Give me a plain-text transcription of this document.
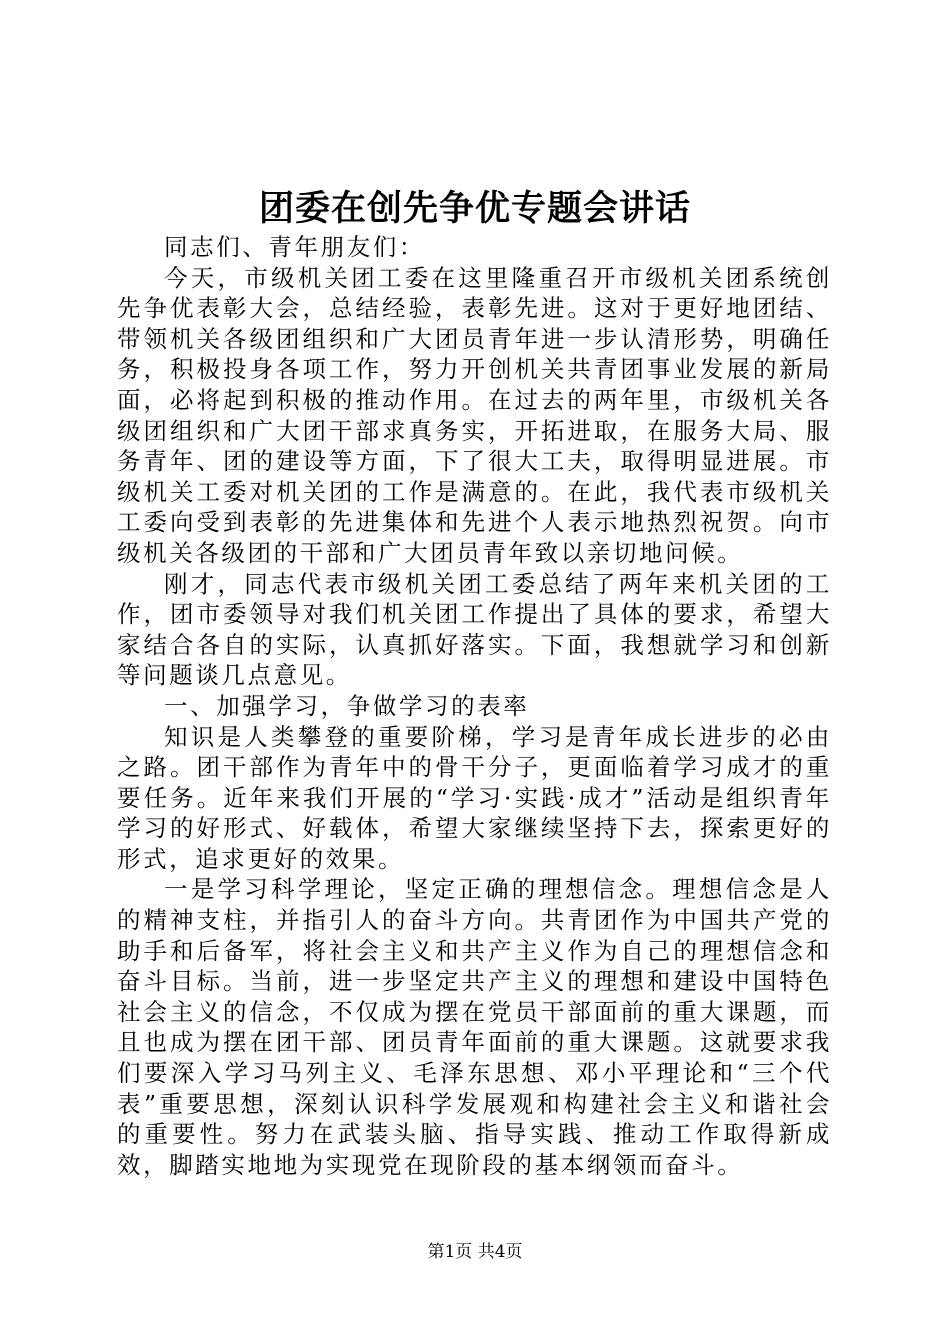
团委在创先争优专题会讲话

同志们、青年朋友们：

今天，市级机关团工委在这里隆重召开市级机关团系统创先争优表彰大会，总结经验，表彰先进。这对于更好地团结、带领机关各级团组织和广大团员青年进一步认清形势，明确任务，积极投身各项工作，努力开创机关共青团事业发展的新局面，必将起到积极的推动作用。在过去的两年里，市级机关各级团组织和广大团干部求真务实，开拓进取，在服务大局、服务青年、团的建设等方面，下了很大工夫，取得明显进展。市级机关工委对机关团的工作是满意的。在此，我代表市级机关工委向受到表彰的先进集体和先进个人表示地热烈祝贺。向市级机关各级团的干部和广大团员青年致以亲切地问候。

刚才，同志代表市级机关团工委总结了两年来机关团的工作，团市委领导对我们机关团工作提出了具体的要求，希望大家结合各自的实际，认真抓好落实。下面，我想就学习和创新等问题谈几点意见。

一、加强学习，争做学习的表率

知识是人类攀登的重要阶梯，学习是青年成长进步的必由之路。团干部作为青年中的骨干分子，更面临着学习成才的重要任务。近年来我们开展的“学习·实践·成才”活动是组织青年学习的好形式、好载体，希望大家继续坚持下去，探索更好的形式，追求更好的效果。

一是学习科学理论，坚定正确的理想信念。理想信念是人的精神支柱，并指引人的奋斗方向。共青团作为中国共产党的助手和后备军，将社会主义和共产主义作为自己的理想信念和奋斗目标。当前，进一步坚定共产主义的理想和建设中国特色社会主义的信念，不仅成为摆在党员干部面前的重大课题，而且也成为摆在团干部、团员青年面前的重大课题。这就要求我们要深入学习马列主义、毛泽东思想、邓小平理论和“三个代表”重要思想，深刻认识科学发展观和构建社会主义和谐社会的重要性。努力在武装头脑、指导实践、推动工作取得新成效，脚踏实地地为实现党在现阶段的基本纲领而奋斗。

第1页 共4页
